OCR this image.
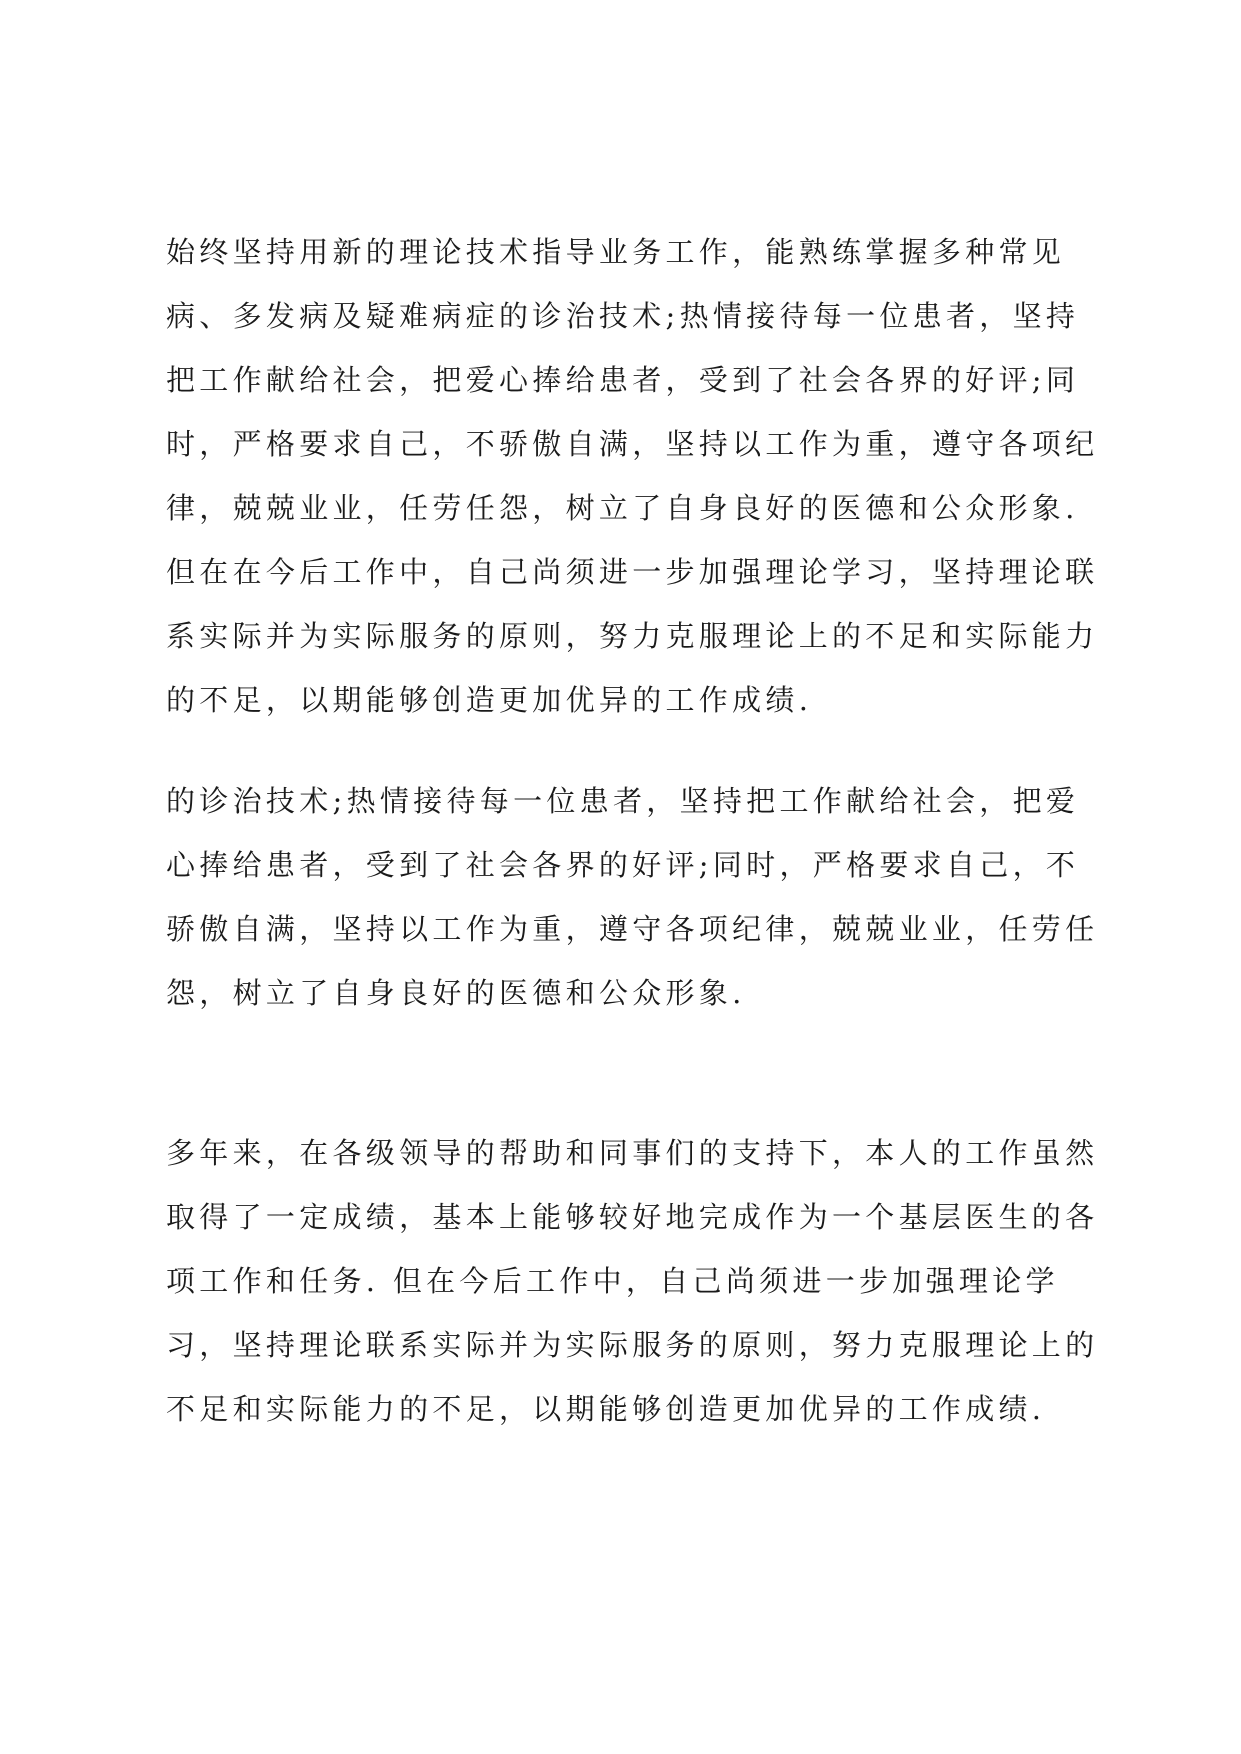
始终坚持用新的理论技术指导业务工作，能熟练掌握多种常见
病、多发病及疑难病症的诊治技术;热情接待每一位患者，坚持
把工作献给社会，把爱心捧给患者，受到了社会各界的好评;同
时，严格要求自己，不骄傲自满，坚持以工作为重，遵守各项纪
律，兢兢业业，任劳任怨，树立了自身良好的医德和公众形象.
但在在今后工作中，自己尚须进一步加强理论学习，坚持理论联
系实际并为实际服务的原则，努力克服理论上的不足和实际能力
的不足，以期能够创造更加优异的工作成绩.
的诊治技术;热情接待每一位患者，坚持把工作献给社会，把爱
心捧给患者，受到了社会各界的好评;同时，严格要求自己，不
骄傲自满，坚持以工作为重，遵守各项纪律，兢兢业业，任劳任
怨，树立了自身良好的医德和公众形象.
多年来，在各级领导的帮助和同事们的支持下，本人的工作虽然
取得了一定成绩，基本上能够较好地完成作为一个基层医生的各
项工作和任务. 但在今后工作中，自己尚须进一步加强理论学
习，坚持理论联系实际并为实际服务的原则，努力克服理论上的
不足和实际能力的不足，以期能够创造更加优异的工作成绩.
